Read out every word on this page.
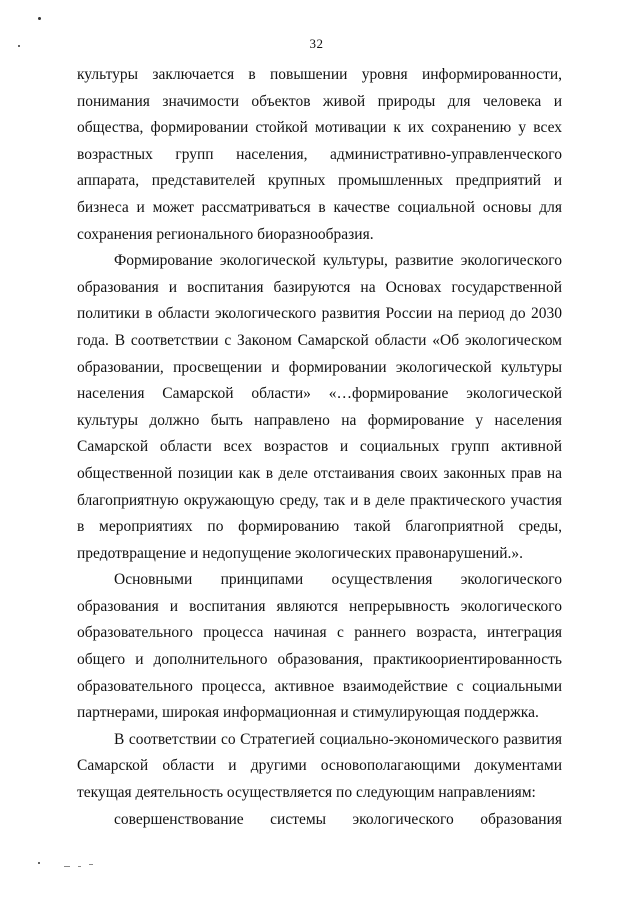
32

культуры заключается в повышении уровня информированности, понимания значимости объектов живой природы для человека и общества, формировании стойкой мотивации к их сохранению у всех возрастных групп населения, административно-управленческого аппарата, представителей крупных промышленных предприятий и бизнеса и может рассматриваться в качестве социальной основы для сохранения регионального биоразнообразия.

Формирование экологической культуры, развитие экологического образования и воспитания базируются на Основах государственной политики в области экологического развития России на период до 2030 года. В соответствии с Законом Самарской области «Об экологическом образовании, просвещении и формировании экологической культуры населения Самарской области» «…формирование экологической культуры должно быть направлено на формирование у населения Самарской области всех возрастов и социальных групп активной общественной позиции как в деле отстаивания своих законных прав на благоприятную окружающую среду, так и в деле практического участия в мероприятиях по формированию такой благоприятной среды, предотвращение и недопущение экологических правонарушений.».

Основными принципами осуществления экологического образования и воспитания являются непрерывность экологического образовательного процесса начиная с раннего возраста, интеграция общего и дополнительного образования, практикоориентированность образовательного процесса, активное взаимодействие с социальными партнерами, широкая информационная и стимулирующая поддержка.

В соответствии со Стратегией социально-экономического развития Самарской области и другими основополагающими документами текущая деятельность осуществляется по следующим направлениям:

совершенствование системы экологического образования
